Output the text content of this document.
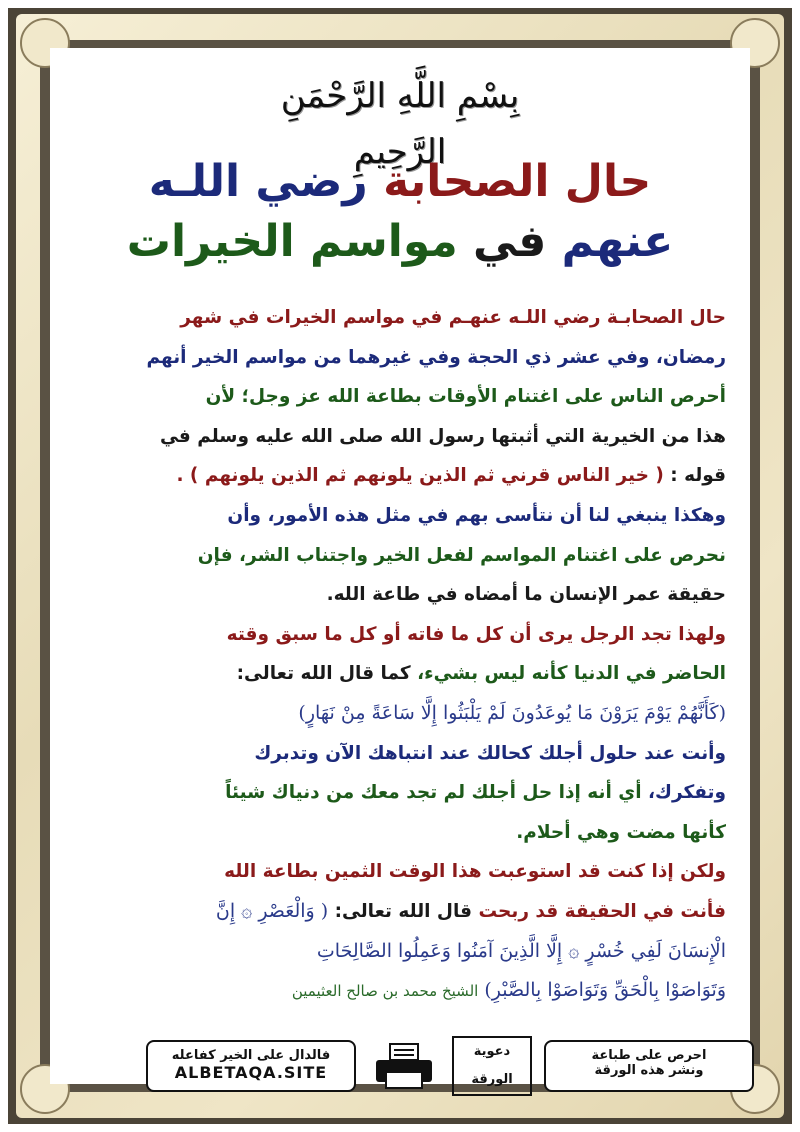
بِسْمِ اللَّهِ الرَّحْمَنِ الرَّحِيمِ
حال الصحابة رضي اللـه
عنهم في مواسم الخيرات
حال الصحابـة رضي اللـه عنهـم في مواسم الخيرات في شهر
رمضان، وفي عشر ذي الحجة وفي غيرهما من مواسم الخير أنهم
أحرص الناس على اغتنام الأوقات بطاعة الله عز وجل؛ لأن
هذا من الخيرية التي أثبتها رسول الله صلى الله عليه وسلم في
قوله : ( خير الناس قرني ثم الذين يلونهم ثم الذين يلونهم ) .
وهكذا ينبغي لنا أن نتأسى بهم في مثل هذه الأمور، وأن
نحرص على اغتنام المواسم لفعل الخير واجتناب الشر، فإن
حقيقة عمر الإنسان ما أمضاه في طاعة الله.
ولهذا تجد الرجل يرى أن كل ما فاته أو كل ما سبق وقته
الحاضر في الدنيا كأنه ليس بشيء، كما قال الله تعالى:
(كَأَنَّهُمْ يَوْمَ يَرَوْنَ مَا يُوعَدُونَ لَمْ يَلْبَثُوا إِلَّا سَاعَةً مِنْ نَهَارٍ)
وأنت عند حلول أجلك كحالك عند انتباهك الآن وتدبرك
وتفكرك، أي أنه إذا حل أجلك لم تجد معك من دنياك شيئاً
كأنها مضت وهي أحلام.
ولكن إذا كنت قد استوعبت هذا الوقت الثمين بطاعة الله
فأنت في الحقيقة قد ربحت قال الله تعالى: ( وَالْعَصْرِ ۞ إِنَّ
الْإِنسَانَ لَفِي خُسْرٍ ۞ إِلَّا الَّذِينَ آمَنُوا وَعَمِلُوا الصَّالِحَاتِ
وَتَوَاصَوْا بِالْحَقِّ وَتَوَاصَوْا بِالصَّبْرِ) الشيخ محمد بن صالح العثيمين
احرص على طباعة
ونشر هذه الورقة
دعوية
الورقة
فالدال على الخير كفاعله
ALBETAQA.SITE
